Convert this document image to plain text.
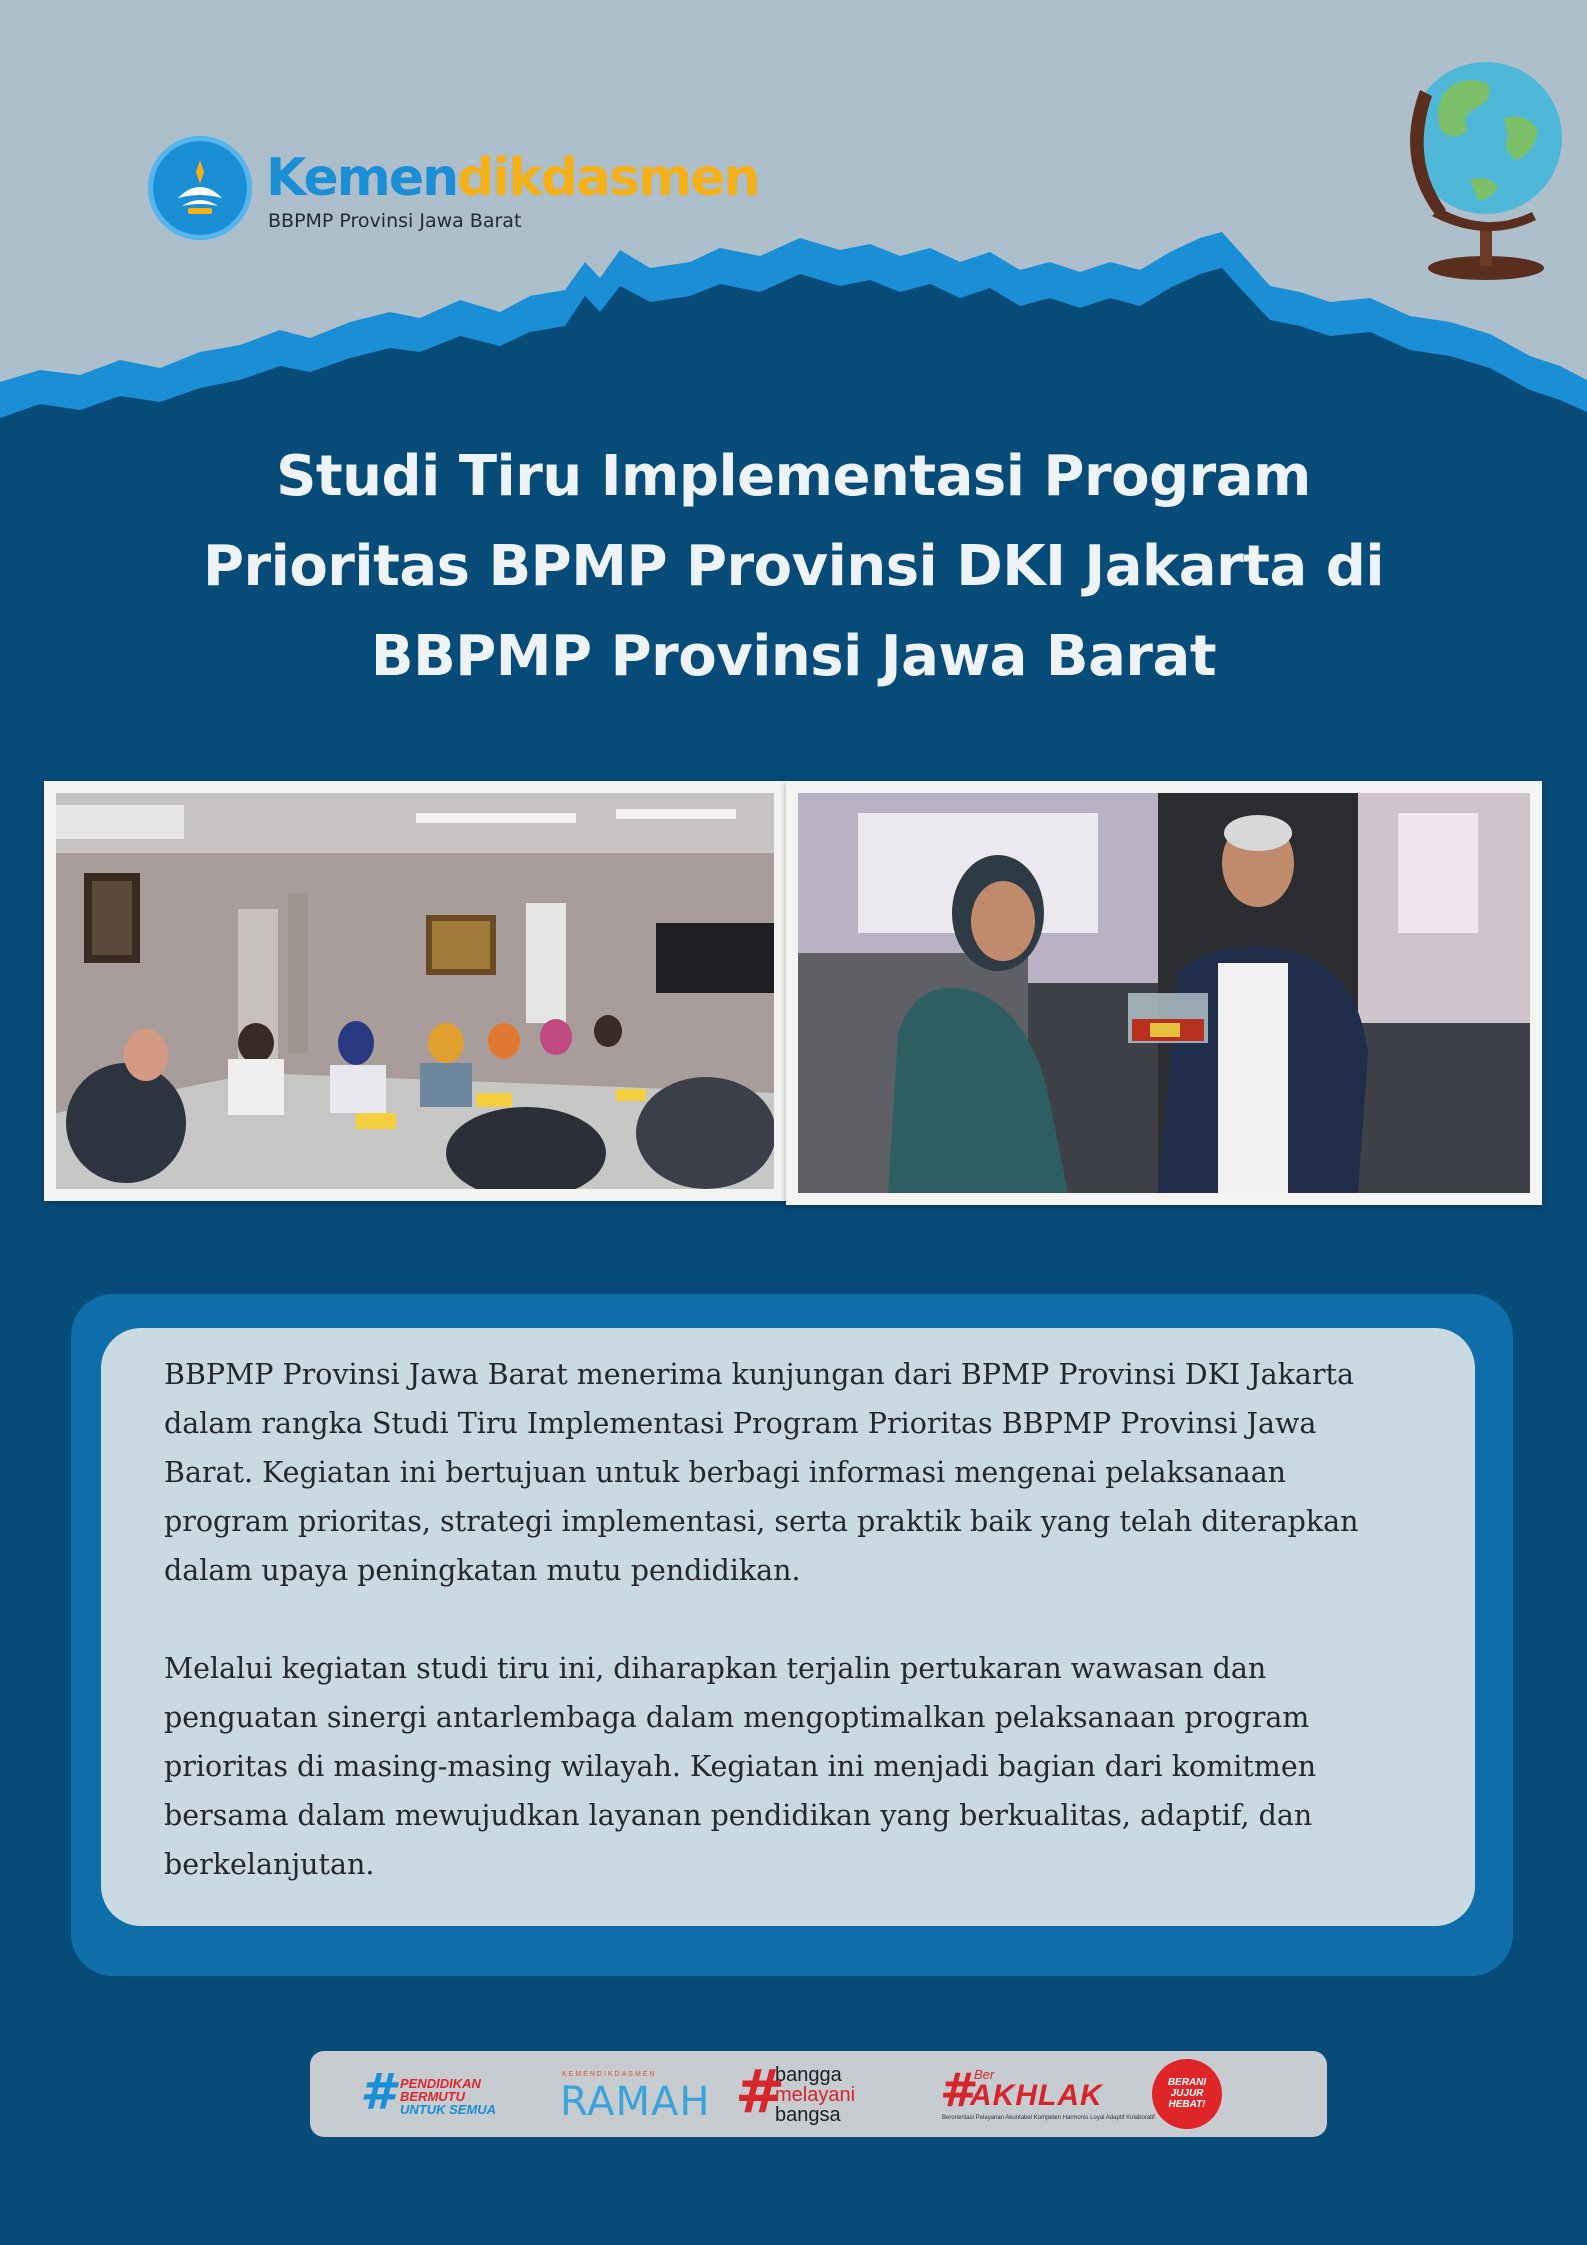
Kemendikdasmen
BBPMP Provinsi Jawa Barat
Studi Tiru Implementasi Program Prioritas BPMP Provinsi DKI Jakarta di BBPMP Provinsi Jawa Barat

BBPMP Provinsi Jawa Barat menerima kunjungan dari BPMP Provinsi DKI Jakarta dalam rangka Studi Tiru Implementasi Program Prioritas BBPMP Provinsi Jawa Barat. Kegiatan ini bertujuan untuk berbagi informasi mengenai pelaksanaan program prioritas, strategi implementasi, serta praktik baik yang telah diterapkan dalam upaya peningkatan mutu pendidikan.

Melalui kegiatan studi tiru ini, diharapkan terjalin pertukaran wawasan dan penguatan sinergi antarlembaga dalam mengoptimalkan pelaksanaan program prioritas di masing-masing wilayah. Kegiatan ini menjadi bagian dari komitmen bersama dalam mewujudkan layanan pendidikan yang berkualitas, adaptif, dan berkelanjutan.

# PENDIDIKAN
BERMUTU
UNTUK SEMUA
KEMENDIKDASMEN
RAMAH #
bangga
melayani
bangsa	#
Ber
AKHLAK
Berorientasi Pelayanan Akuntabel Kompeten Harmonis Loyal Adaptif Kolaboratif
BERANI
JUJUR
HEBAT!
